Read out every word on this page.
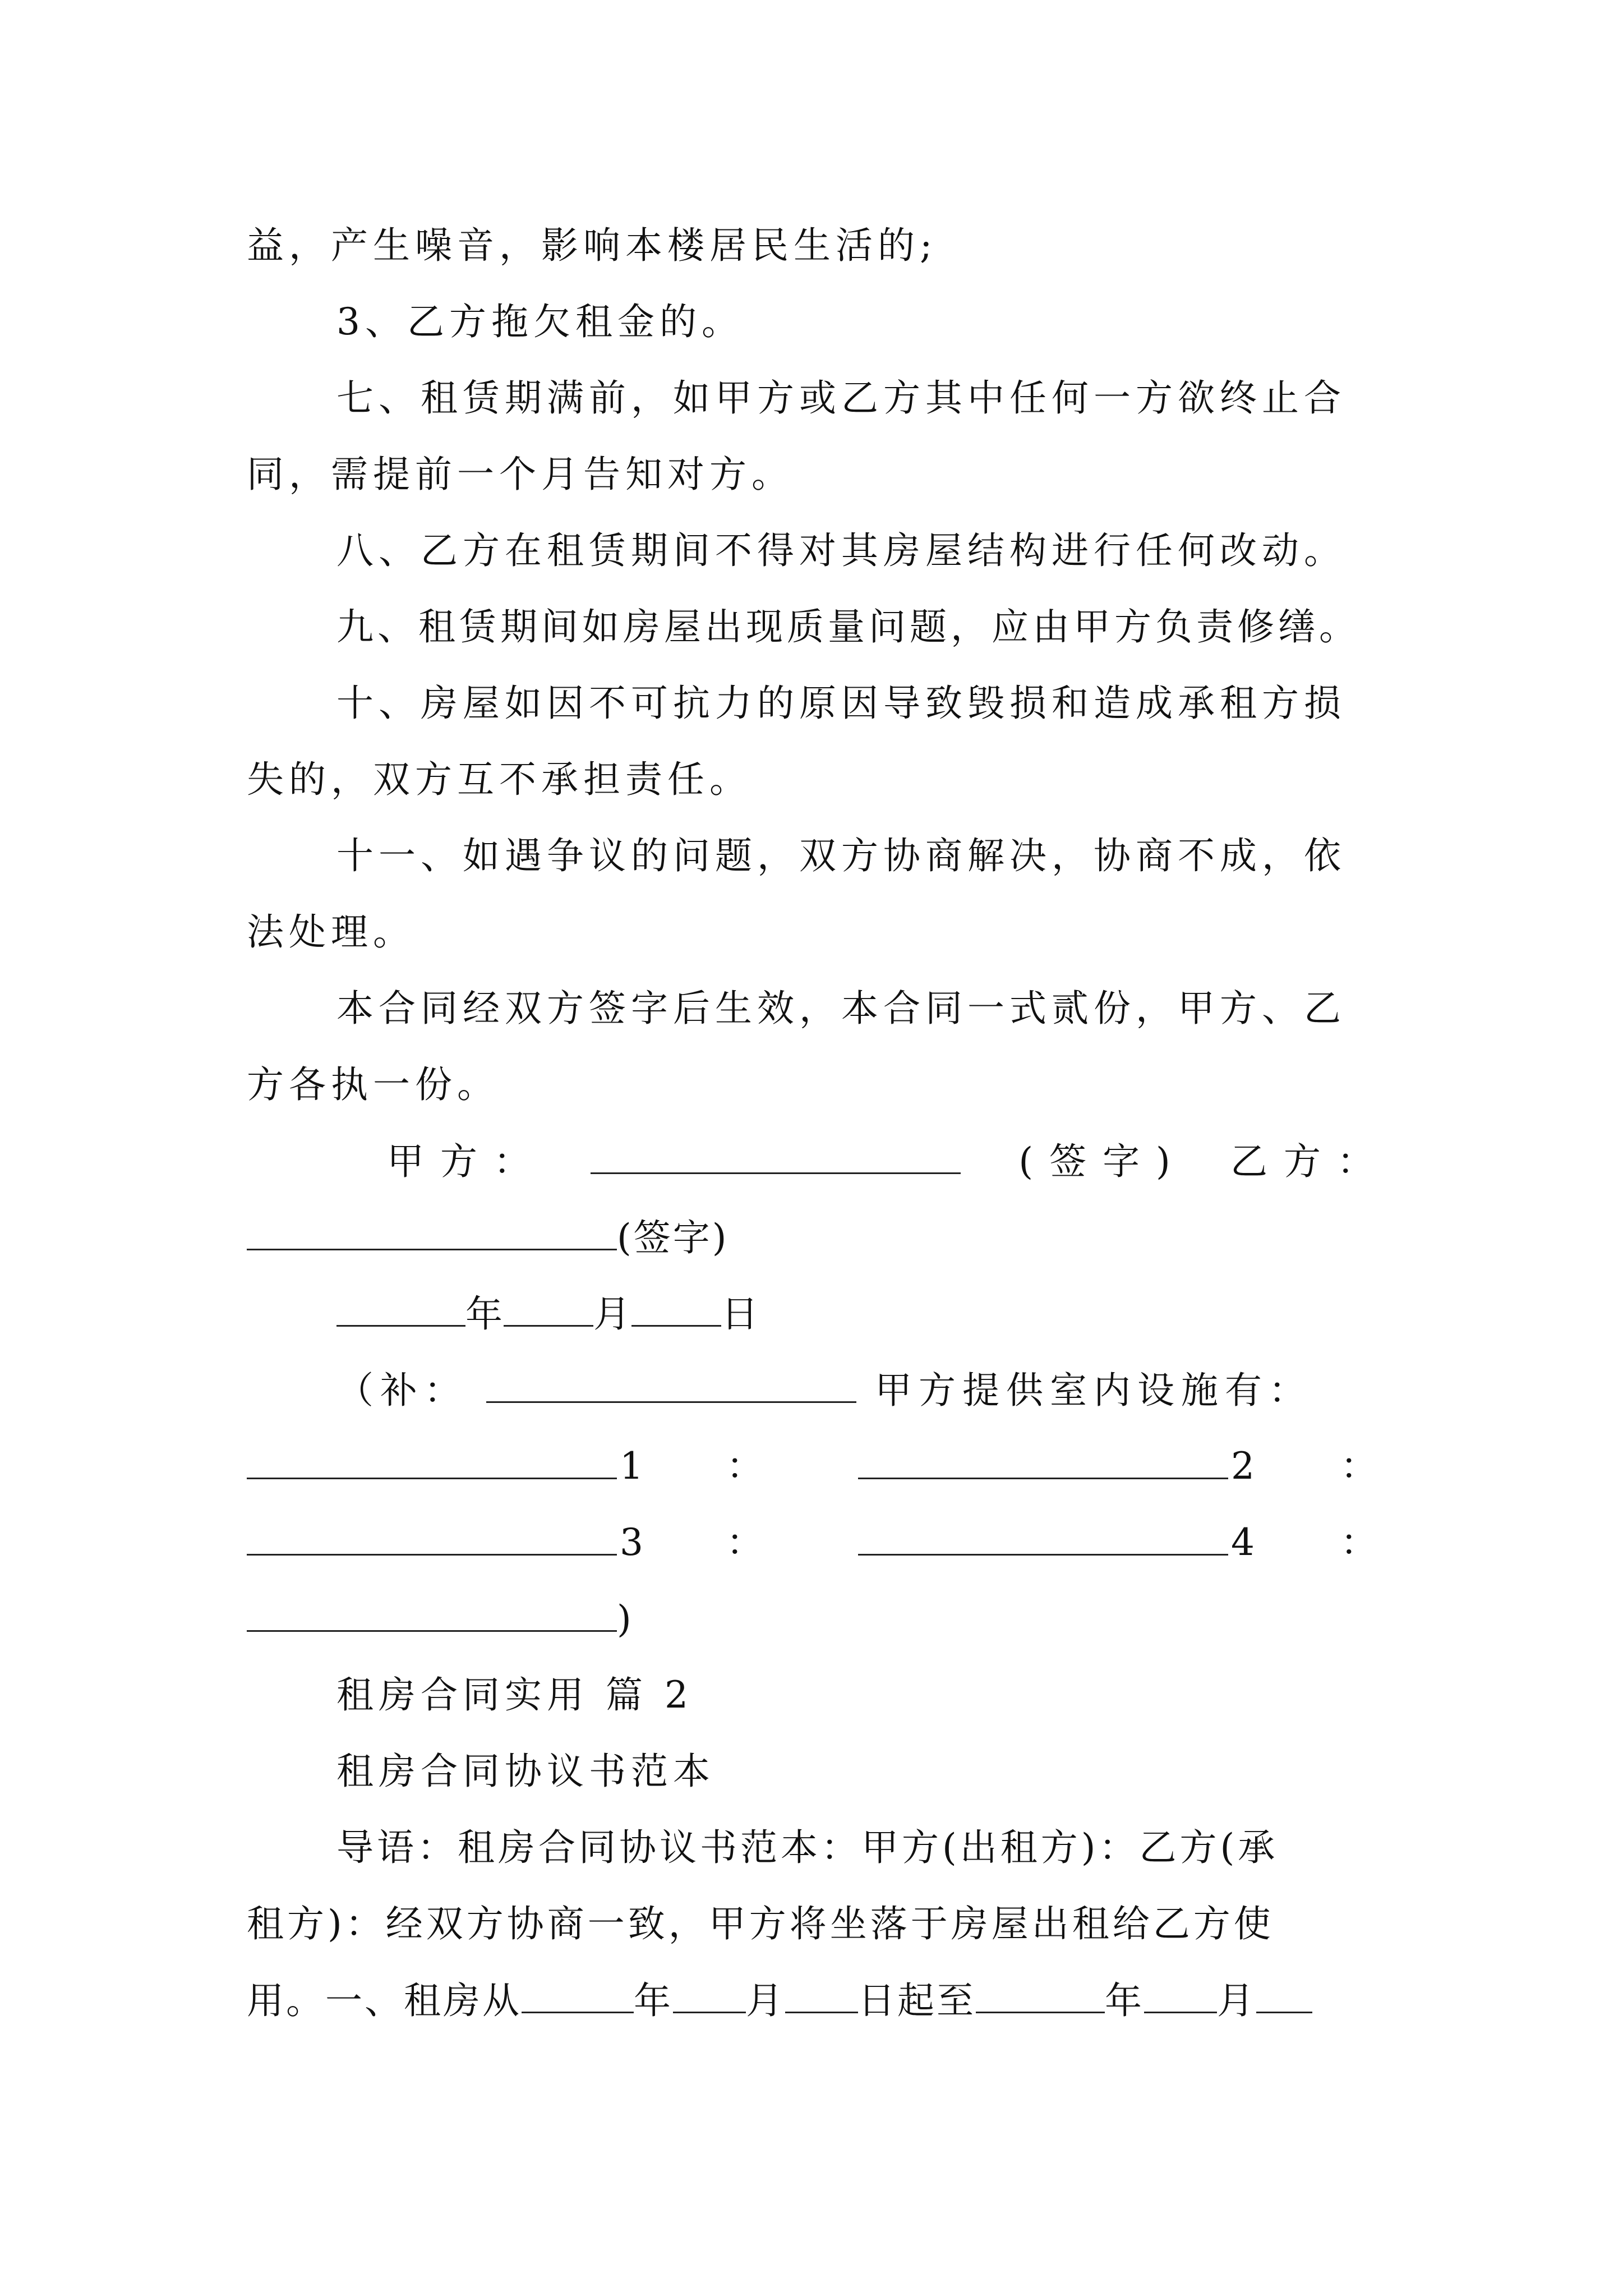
益，产生噪音，影响本楼居民生活的;
3、乙方拖欠租金的。
七、租赁期满前，如甲方或乙方其中任何一方欲终止合
同，需提前一个月告知对方。
八、乙方在租赁期间不得对其房屋结构进行任何改动。
九、租赁期间如房屋出现质量问题，应由甲方负责修缮。
十、房屋如因不可抗力的原因导致毁损和造成承租方损
失的，双方互不承担责任。
十一、如遇争议的问题，双方协商解决，协商不成，依
法处理。
本合同经双方签字后生效，本合同一式贰份，甲方、乙
方各执一份。
甲 方 ：	( 签 字 ) 乙 方 ：
(签字)
年 月 日
（补：	甲方提供室内设施有：
1 ：	2 ：
3 ：	4 ：
)
租房合同实用 篇 2
租房合同协议书范本
导语：租房合同协议书范本：甲方(出租方)：乙方(承
租方)：经双方协商一致，甲方将坐落于房屋出租给乙方使
用。一、租房从	年 月 日起至	年 月
